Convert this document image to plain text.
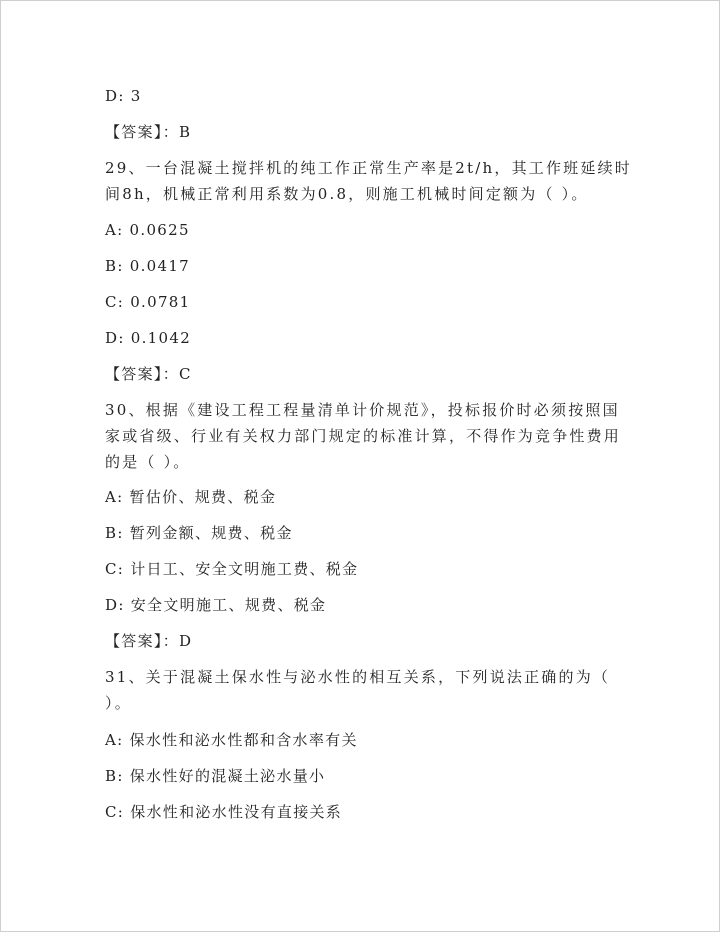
D: 3
【答案】：B
29、一台混凝土搅拌机的纯工作正常生产率是2t/h，其工作班延续时
间8h，机械正常利用系数为0.8，则施工机械时间定额为（ ）。
A: 0.0625
B: 0.0417
C: 0.0781
D: 0.1042
【答案】：C
30、根据《建设工程工程量清单计价规范》，投标报价时必须按照国
家或省级、行业有关权力部门规定的标准计算，不得作为竞争性费用
的是（ ）。
A: 暂估价、规费、税金
B: 暂列金额、规费、税金
C: 计日工、安全文明施工费、税金
D: 安全文明施工、规费、税金
【答案】：D
31、关于混凝土保水性与泌水性的相互关系，下列说法正确的为（
）。
A: 保水性和泌水性都和含水率有关
B: 保水性好的混凝土泌水量小
C: 保水性和泌水性没有直接关系
